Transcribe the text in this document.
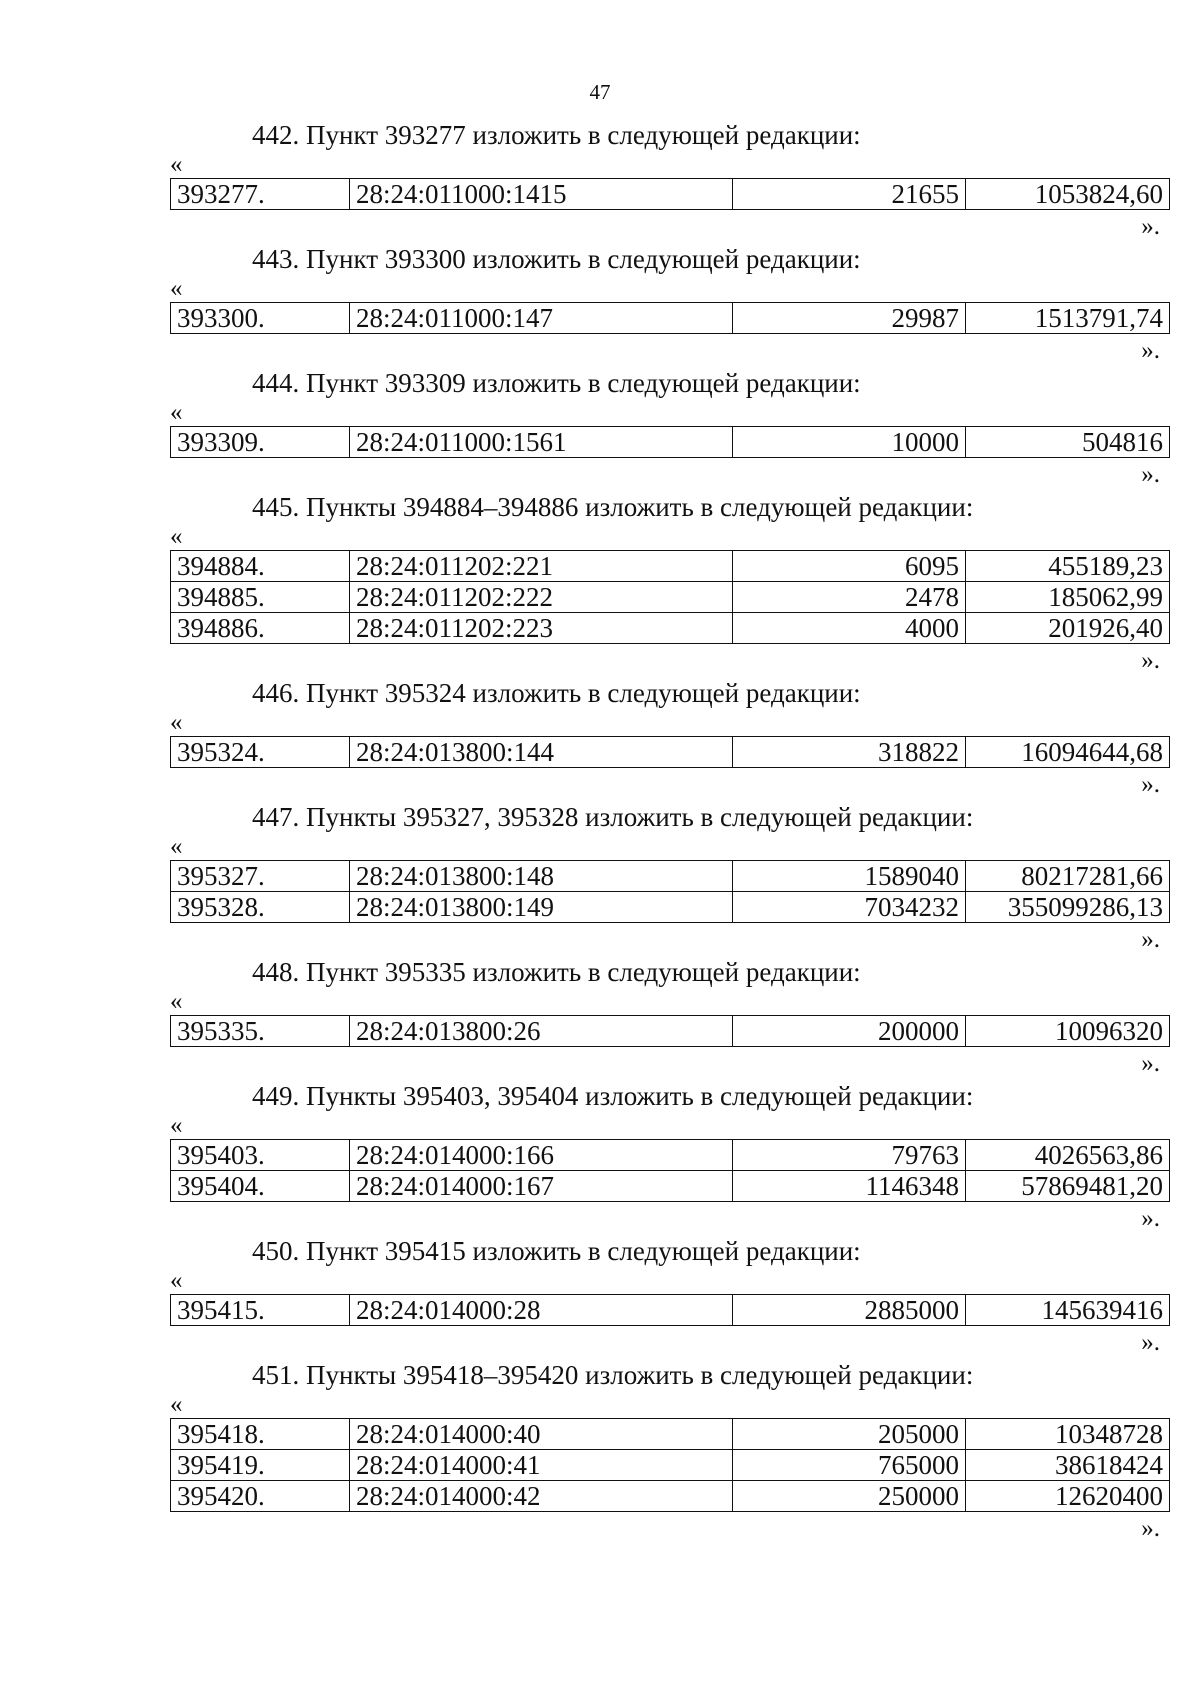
47
442. Пункт 393277 изложить в следующей редакции:
«
393277.	28:24:011000:1415	21655	1053824,60
».
443. Пункт 393300 изложить в следующей редакции:
«
393300.	28:24:011000:147	29987	1513791,74
».
444. Пункт 393309 изложить в следующей редакции:
«
393309.	28:24:011000:1561	10000	504816
».
445. Пункты 394884–394886 изложить в следующей редакции:
«
394884.	28:24:011202:221	6095	455189,23
394885.	28:24:011202:222	2478	185062,99
394886.	28:24:011202:223	4000	201926,40
».
446. Пункт 395324 изложить в следующей редакции:
«
395324.	28:24:013800:144	318822	16094644,68
».
447. Пункты 395327, 395328 изложить в следующей редакции:
«
395327.	28:24:013800:148	1589040	80217281,66
395328.	28:24:013800:149	7034232	355099286,13
».
448. Пункт 395335 изложить в следующей редакции:
«
395335.	28:24:013800:26	200000	10096320
».
449. Пункты 395403, 395404 изложить в следующей редакции:
«
395403.	28:24:014000:166	79763	4026563,86
395404.	28:24:014000:167	1146348	57869481,20
».
450. Пункт 395415 изложить в следующей редакции:
«
395415.	28:24:014000:28	2885000	145639416
».
451. Пункты 395418–395420 изложить в следующей редакции:
«
395418.	28:24:014000:40	205000	10348728
395419.	28:24:014000:41	765000	38618424
395420.	28:24:014000:42	250000	12620400
».
